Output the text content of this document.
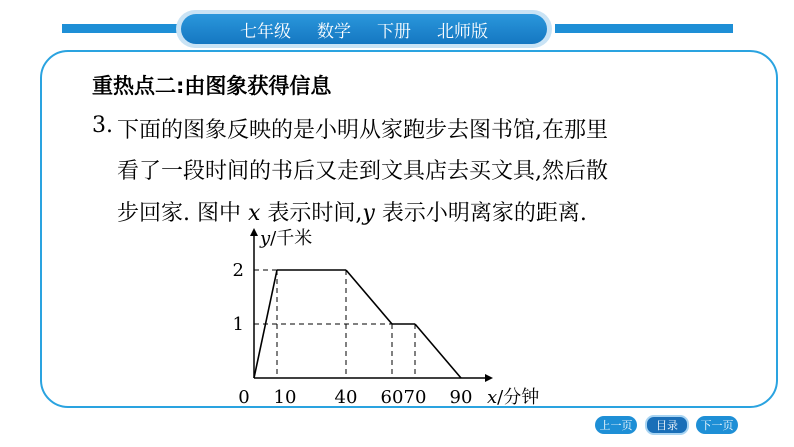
七年级 数学 下册 北师版
重热点二:由图象获得信息
3. 下面的图象反映的是小明从家跑步去图书馆,在那里
看了一段时间的书后又走到文具店去买文具,然后散
步回家. 图中 x 表示时间,y 表示小明离家的距离.
0 10 40 60 70 90
1
2
y/千米
x/分钟
上一页	目录	下一页
